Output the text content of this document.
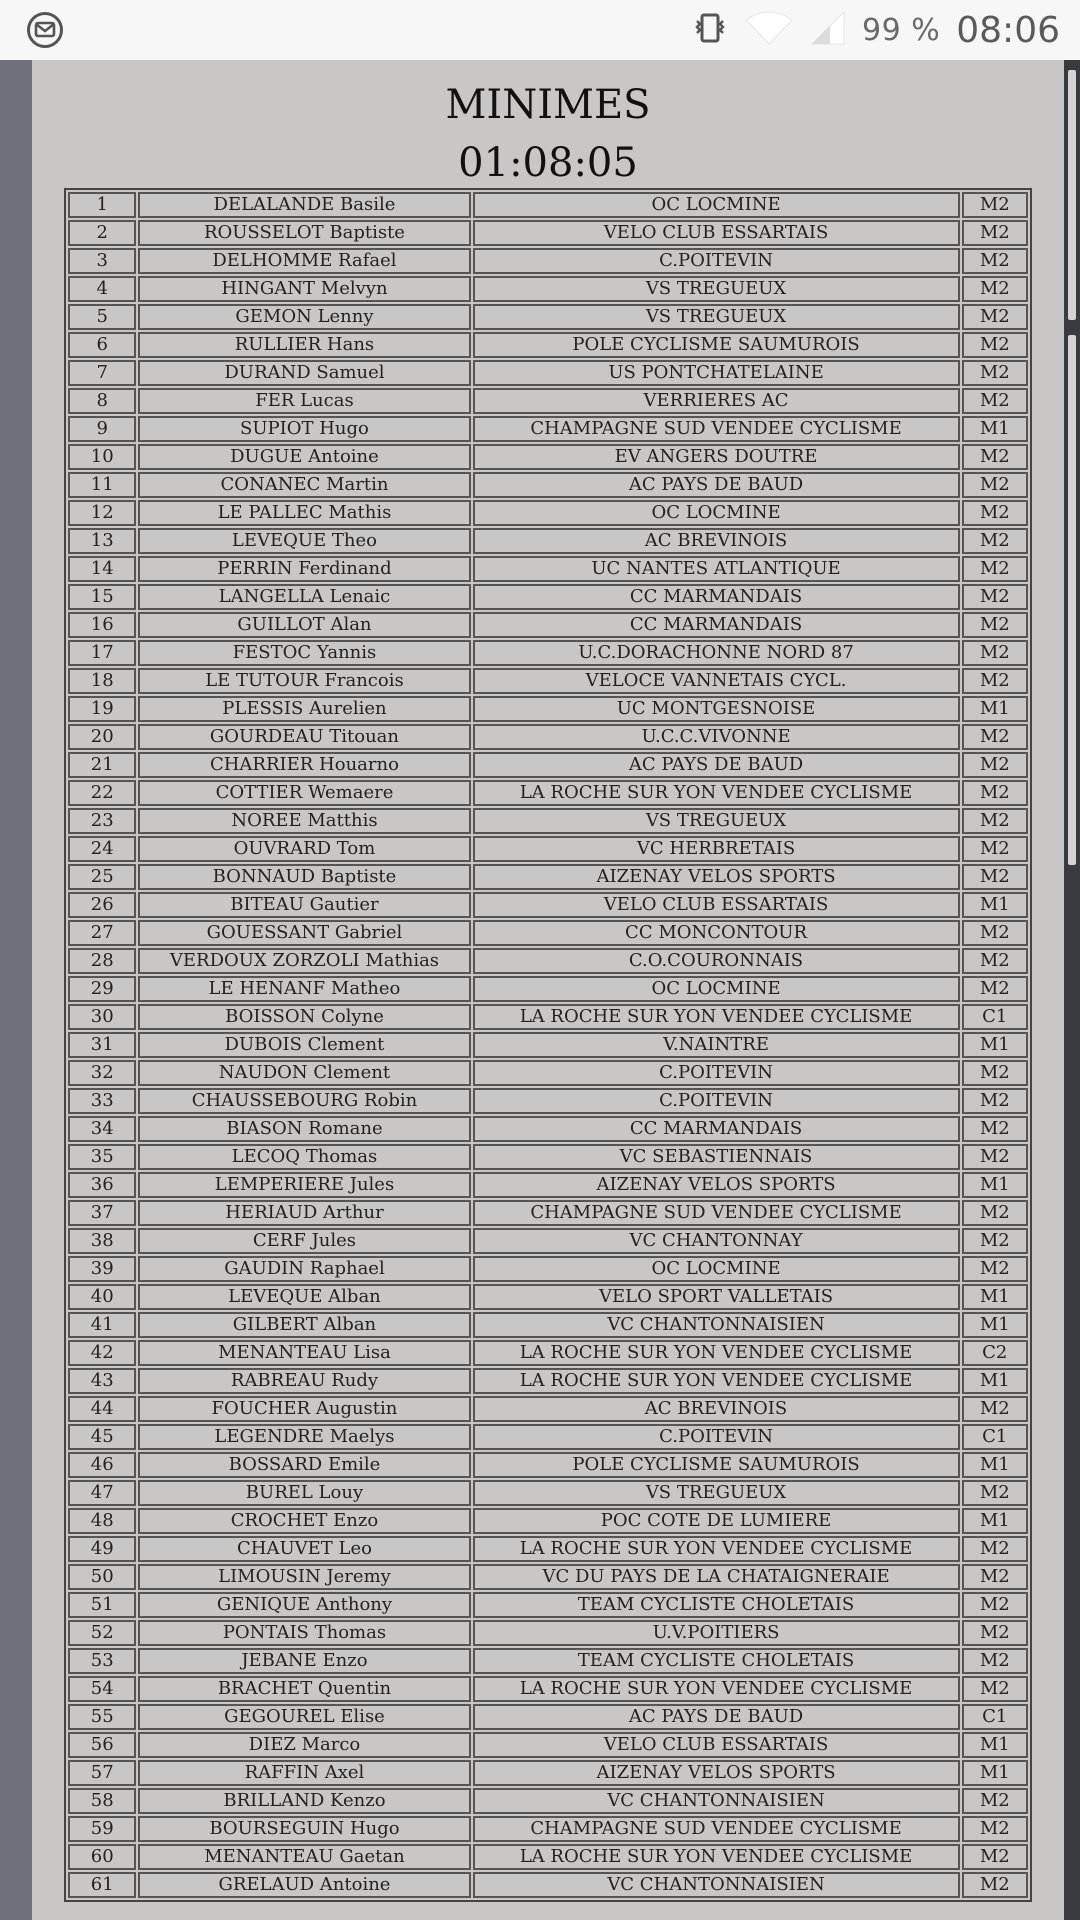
99 % 08:06
MINIMES
01:08:05
1	DELALANDE Basile	OC LOCMINE	M2
2	ROUSSELOT Baptiste	VELO CLUB ESSARTAIS	M2
3	DELHOMME Rafael	C.POITEVIN	M2
4	HINGANT Melvyn	VS TREGUEUX	M2
5	GEMON Lenny	VS TREGUEUX	M2
6	RULLIER Hans	POLE CYCLISME SAUMUROIS	M2
7	DURAND Samuel	US PONTCHATELAINE	M2
8	FER Lucas	VERRIERES AC	M2
9	SUPIOT Hugo	CHAMPAGNE SUD VENDEE CYCLISME	M1
10	DUGUE Antoine	EV ANGERS DOUTRE	M2
11	CONANEC Martin	AC PAYS DE BAUD	M2
12	LE PALLEC Mathis	OC LOCMINE	M2
13	LEVEQUE Theo	AC BREVINOIS	M2
14	PERRIN Ferdinand	UC NANTES ATLANTIQUE	M2
15	LANGELLA Lenaic	CC MARMANDAIS	M2
16	GUILLOT Alan	CC MARMANDAIS	M2
17	FESTOC Yannis	U.C.DORACHONNE NORD 87	M2
18	LE TUTOUR Francois	VELOCE VANNETAIS CYCL.	M2
19	PLESSIS Aurelien	UC MONTGESNOISE	M1
20	GOURDEAU Titouan	U.C.C.VIVONNE	M2
21	CHARRIER Houarno	AC PAYS DE BAUD	M2
22	COTTIER Wemaere	LA ROCHE SUR YON VENDEE CYCLISME	M2
23	NOREE Matthis	VS TREGUEUX	M2
24	OUVRARD Tom	VC HERBRETAIS	M2
25	BONNAUD Baptiste	AIZENAY VELOS SPORTS	M2
26	BITEAU Gautier	VELO CLUB ESSARTAIS	M1
27	GOUESSANT Gabriel	CC MONCONTOUR	M2
28	VERDOUX ZORZOLI Mathias	C.O.COURONNAIS	M2
29	LE HENANF Matheo	OC LOCMINE	M2
30	BOISSON Colyne	LA ROCHE SUR YON VENDEE CYCLISME	C1
31	DUBOIS Clement	V.NAINTRE	M1
32	NAUDON Clement	C.POITEVIN	M2
33	CHAUSSEBOURG Robin	C.POITEVIN	M2
34	BIASON Romane	CC MARMANDAIS	M2
35	LECOQ Thomas	VC SEBASTIENNAIS	M2
36	LEMPERIERE Jules	AIZENAY VELOS SPORTS	M1
37	HERIAUD Arthur	CHAMPAGNE SUD VENDEE CYCLISME	M2
38	CERF Jules	VC CHANTONNAY	M2
39	GAUDIN Raphael	OC LOCMINE	M2
40	LEVEQUE Alban	VELO SPORT VALLETAIS	M1
41	GILBERT Alban	VC CHANTONNAISIEN	M1
42	MENANTEAU Lisa	LA ROCHE SUR YON VENDEE CYCLISME	C2
43	RABREAU Rudy	LA ROCHE SUR YON VENDEE CYCLISME	M1
44	FOUCHER Augustin	AC BREVINOIS	M2
45	LEGENDRE Maelys	C.POITEVIN	C1
46	BOSSARD Emile	POLE CYCLISME SAUMUROIS	M1
47	BUREL Louy	VS TREGUEUX	M2
48	CROCHET Enzo	POC COTE DE LUMIERE	M1
49	CHAUVET Leo	LA ROCHE SUR YON VENDEE CYCLISME	M2
50	LIMOUSIN Jeremy	VC DU PAYS DE LA CHATAIGNERAIE	M2
51	GENIQUE Anthony	TEAM CYCLISTE CHOLETAIS	M2
52	PONTAIS Thomas	U.V.POITIERS	M2
53	JEBANE Enzo	TEAM CYCLISTE CHOLETAIS	M2
54	BRACHET Quentin	LA ROCHE SUR YON VENDEE CYCLISME	M2
55	GEGOUREL Elise	AC PAYS DE BAUD	C1
56	DIEZ Marco	VELO CLUB ESSARTAIS	M1
57	RAFFIN Axel	AIZENAY VELOS SPORTS	M1
58	BRILLAND Kenzo	VC CHANTONNAISIEN	M2
59	BOURSEGUIN Hugo	CHAMPAGNE SUD VENDEE CYCLISME	M2
60	MENANTEAU Gaetan	LA ROCHE SUR YON VENDEE CYCLISME	M2
61	GRELAUD Antoine	VC CHANTONNAISIEN	M2
